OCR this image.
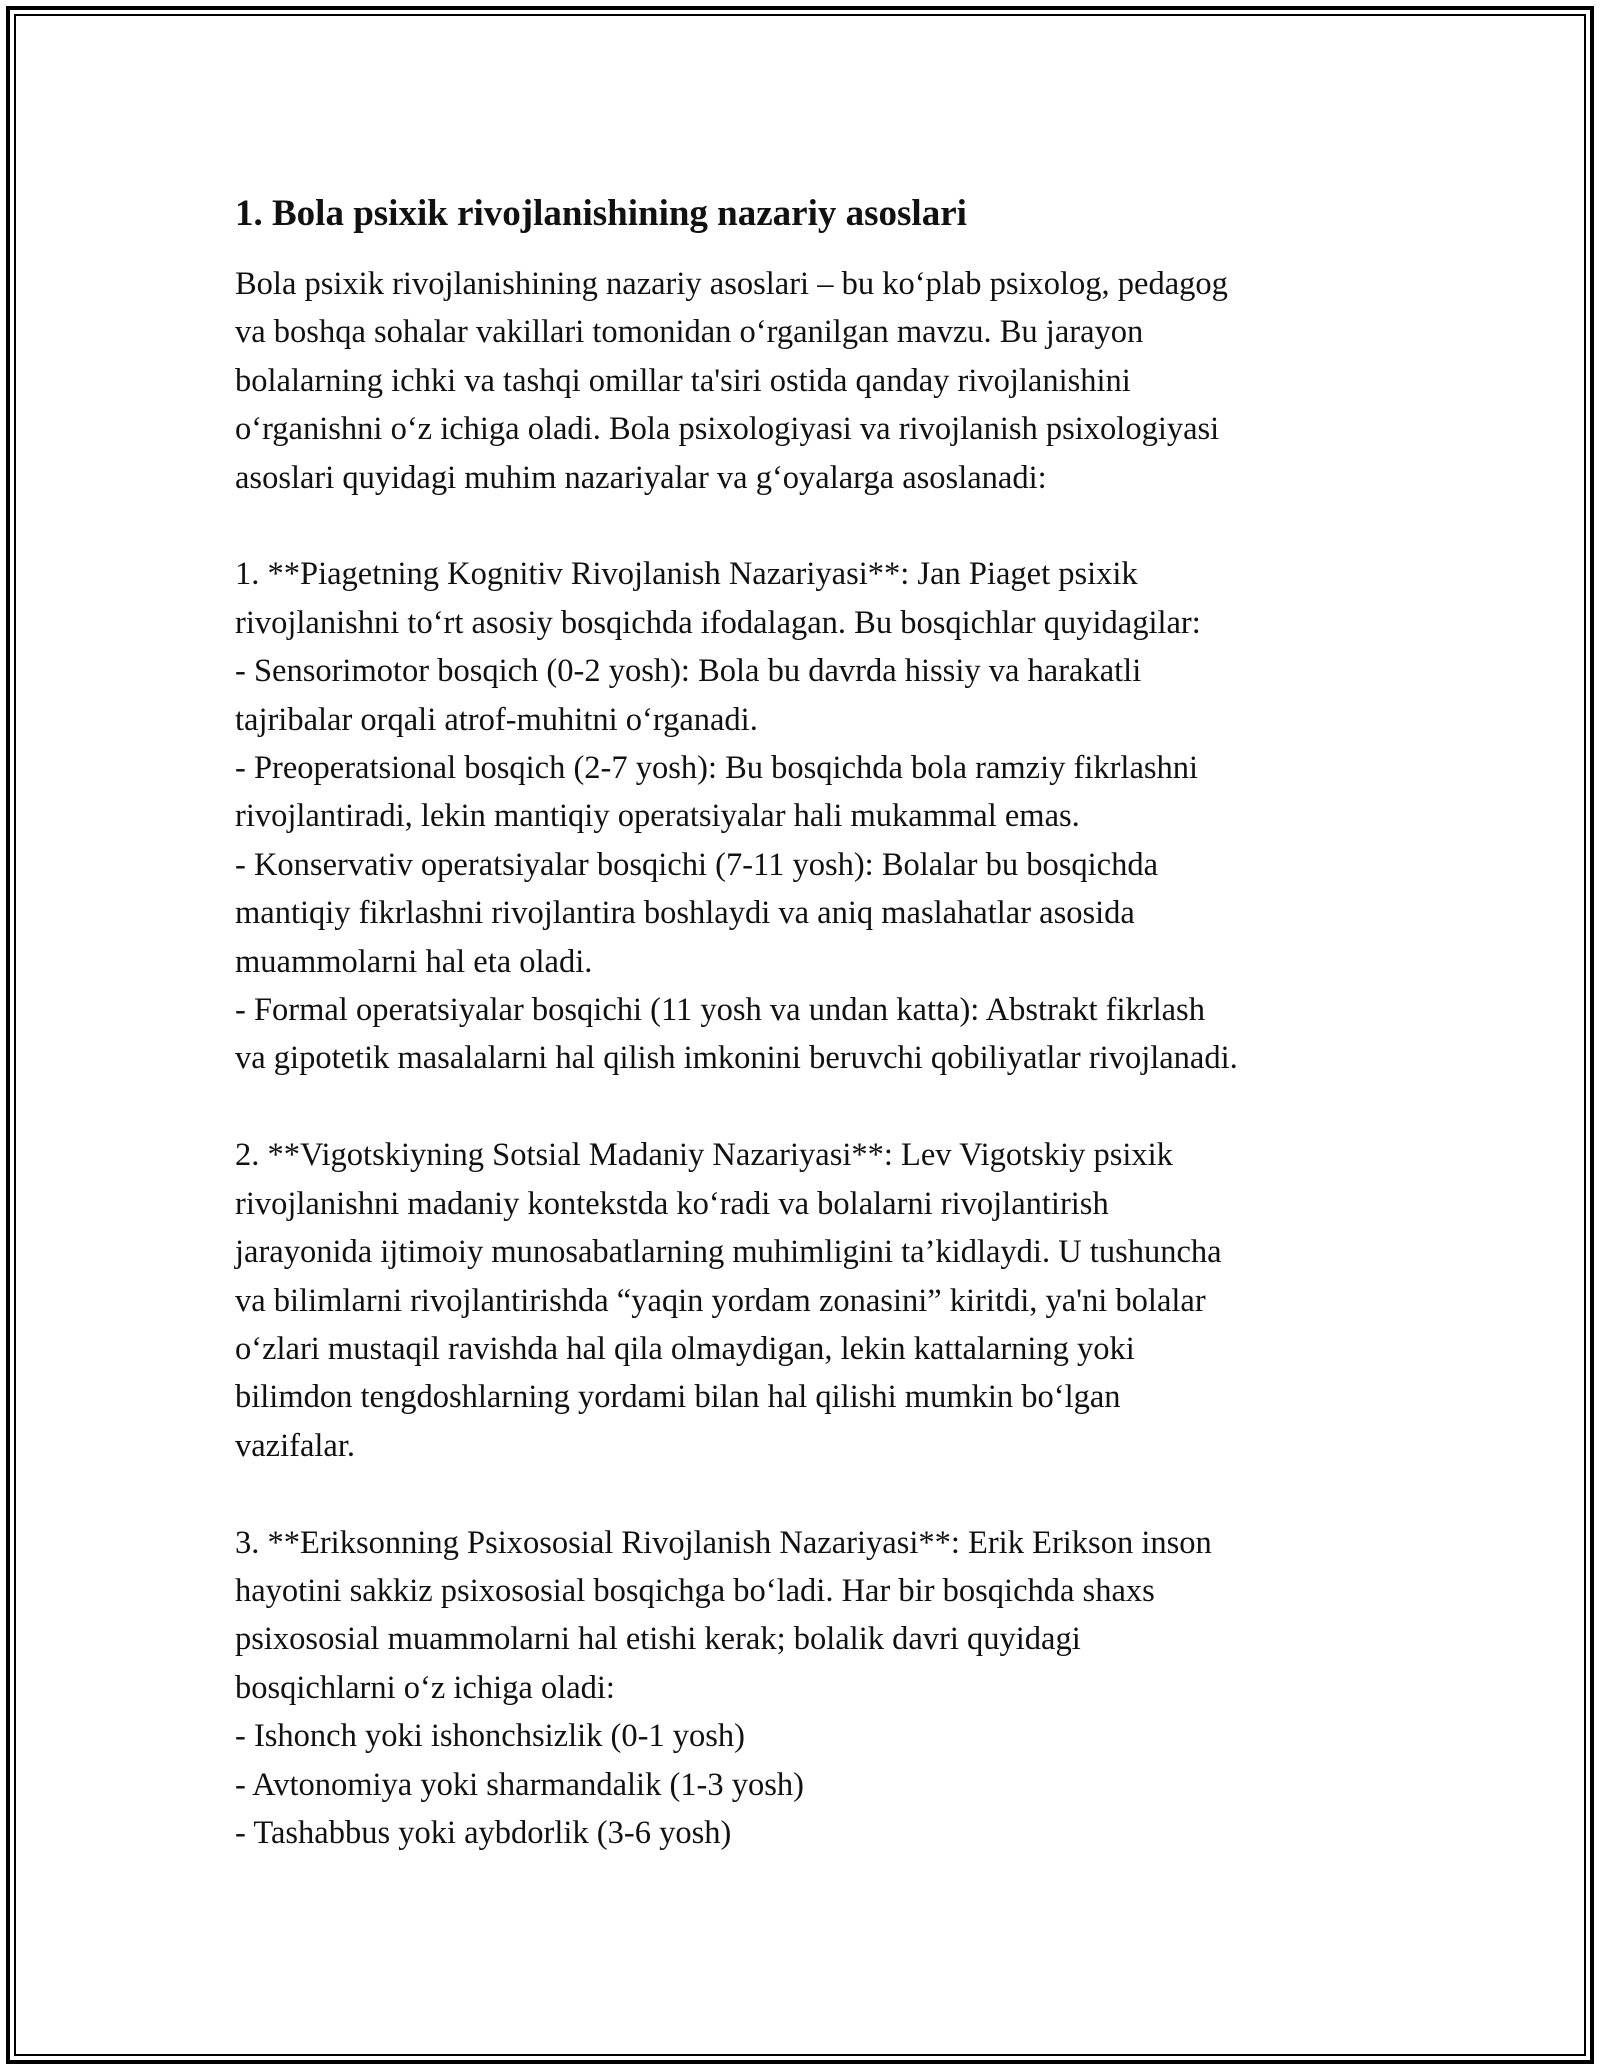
1. Bola psixik rivojlanishining nazariy asoslari

Bola psixik rivojlanishining nazariy asoslari – bu koʻplab psixolog, pedagog
va boshqa sohalar vakillari tomonidan oʻrganilgan mavzu. Bu jarayon
bolalarning ichki va tashqi omillar ta'siri ostida qanday rivojlanishini
oʻrganishni oʻz ichiga oladi. Bola psixologiyasi va rivojlanish psixologiyasi
asoslari quyidagi muhim nazariyalar va gʻoyalarga asoslanadi:

1. **Piagetning Kognitiv Rivojlanish Nazariyasi**: Jan Piaget psixik
rivojlanishni toʻrt asosiy bosqichda ifodalagan. Bu bosqichlar quyidagilar:
- Sensorimotor bosqich (0-2 yosh): Bola bu davrda hissiy va harakatli
tajribalar orqali atrof-muhitni oʻrganadi.
- Preoperatsional bosqich (2-7 yosh): Bu bosqichda bola ramziy fikrlashni
rivojlantiradi, lekin mantiqiy operatsiyalar hali mukammal emas.
- Konservativ operatsiyalar bosqichi (7-11 yosh): Bolalar bu bosqichda
mantiqiy fikrlashni rivojlantira boshlaydi va aniq maslahatlar asosida
muammolarni hal eta oladi.
- Formal operatsiyalar bosqichi (11 yosh va undan katta): Abstrakt fikrlash
va gipotetik masalalarni hal qilish imkonini beruvchi qobiliyatlar rivojlanadi.

2. **Vigotskiyning Sotsial Madaniy Nazariyasi**: Lev Vigotskiy psixik
rivojlanishni madaniy kontekstda koʻradi va bolalarni rivojlantirish
jarayonida ijtimoiy munosabatlarning muhimligini ta’kidlaydi. U tushuncha
va bilimlarni rivojlantirishda “yaqin yordam zonasini” kiritdi, ya'ni bolalar
oʻzlari mustaqil ravishda hal qila olmaydigan, lekin kattalarning yoki
bilimdon tengdoshlarning yordami bilan hal qilishi mumkin boʻlgan
vazifalar.

3. **Eriksonning Psixososial Rivojlanish Nazariyasi**: Erik Erikson inson
hayotini sakkiz psixososial bosqichga boʻladi. Har bir bosqichda shaxs
psixososial muammolarni hal etishi kerak; bolalik davri quyidagi
bosqichlarni oʻz ichiga oladi:
- Ishonch yoki ishonchsizlik (0-1 yosh)
- Avtonomiya yoki sharmandalik (1-3 yosh)
- Tashabbus yoki aybdorlik (3-6 yosh)
